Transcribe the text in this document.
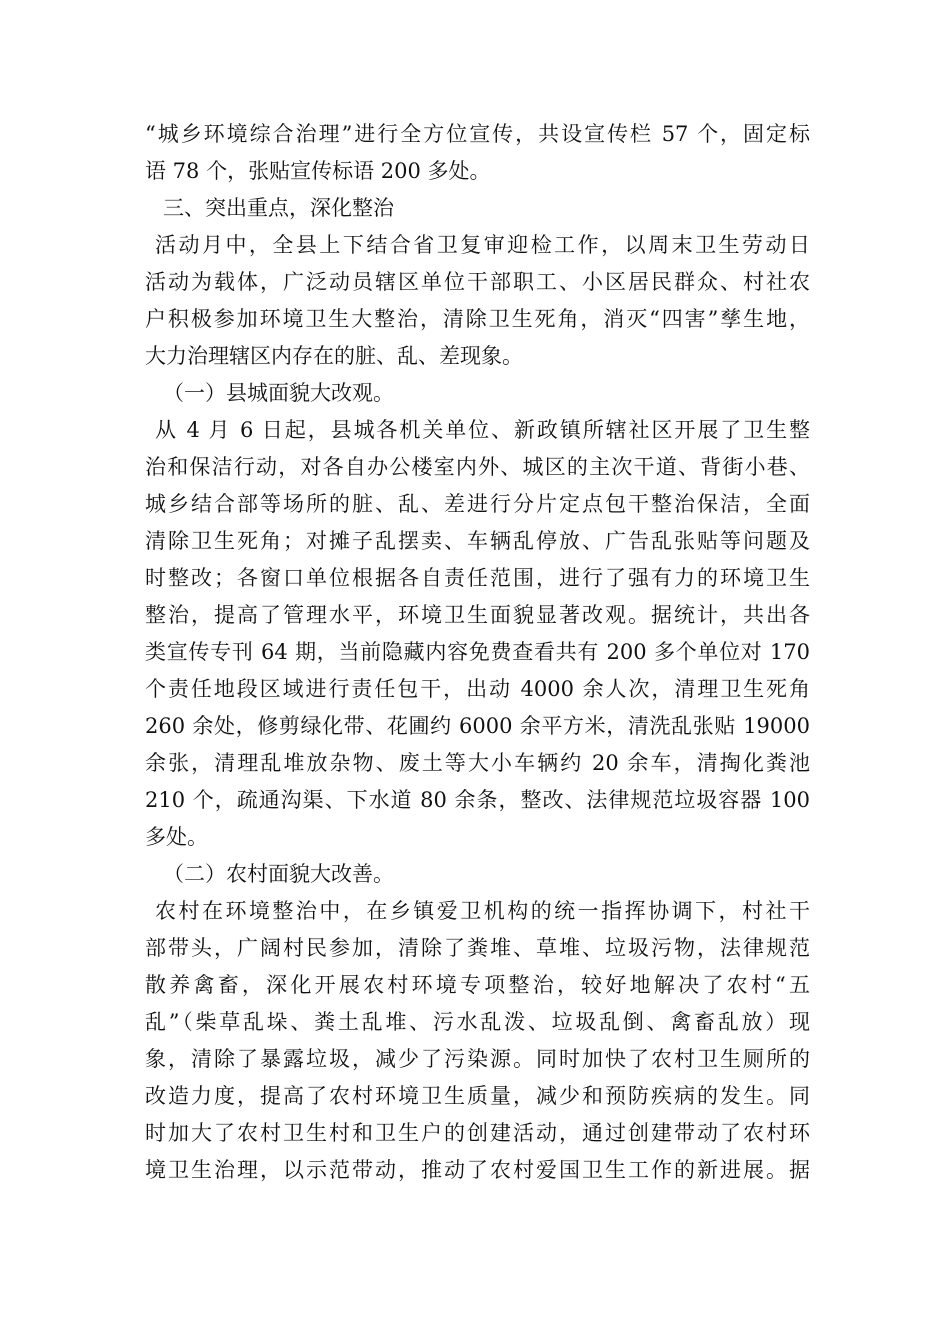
“城乡环境综合治理”进行全方位宣传，共设宣传栏 57 个，固定标
语 78 个，张贴宣传标语 200 多处。
三、突出重点，深化整治
活动月中，全县上下结合省卫复审迎检工作，以周末卫生劳动日
活动为载体，广泛动员辖区单位干部职工、小区居民群众、村社农
户积极参加环境卫生大整治，清除卫生死角，消灭“四害”孳生地，
大力治理辖区内存在的脏、乱、差现象。
（一）县城面貌大改观。
从 4 月 6 日起，县城各机关单位、新政镇所辖社区开展了卫生整
治和保洁行动，对各自办公楼室内外、城区的主次干道、背街小巷、
城乡结合部等场所的脏、乱、差进行分片定点包干整治保洁，全面
清除卫生死角；对摊子乱摆卖、车辆乱停放、广告乱张贴等问题及
时整改；各窗口单位根据各自责任范围，进行了强有力的环境卫生
整治，提高了管理水平，环境卫生面貌显著改观。据统计，共出各
类宣传专刊 64 期，当前隐藏内容免费查看共有 200 多个单位对 170
个责任地段区域进行责任包干，出动 4000 余人次，清理卫生死角
260 余处，修剪绿化带、花圃约 6000 余平方米，清洗乱张贴 19000
余张，清理乱堆放杂物、废土等大小车辆约 20 余车，清掏化粪池
210 个，疏通沟渠、下水道 80 余条，整改、法律规范垃圾容器 100
多处。
（二）农村面貌大改善。
农村在环境整治中，在乡镇爱卫机构的统一指挥协调下，村社干
部带头，广阔村民参加，清除了粪堆、草堆、垃圾污物，法律规范
散养禽畜，深化开展农村环境专项整治，较好地解决了农村“五
乱”（柴草乱垛、粪土乱堆、污水乱泼、垃圾乱倒、禽畜乱放）现
象，清除了暴露垃圾，减少了污染源。同时加快了农村卫生厕所的
改造力度，提高了农村环境卫生质量，减少和预防疾病的发生。同
时加大了农村卫生村和卫生户的创建活动，通过创建带动了农村环
境卫生治理，以示范带动，推动了农村爱国卫生工作的新进展。据
